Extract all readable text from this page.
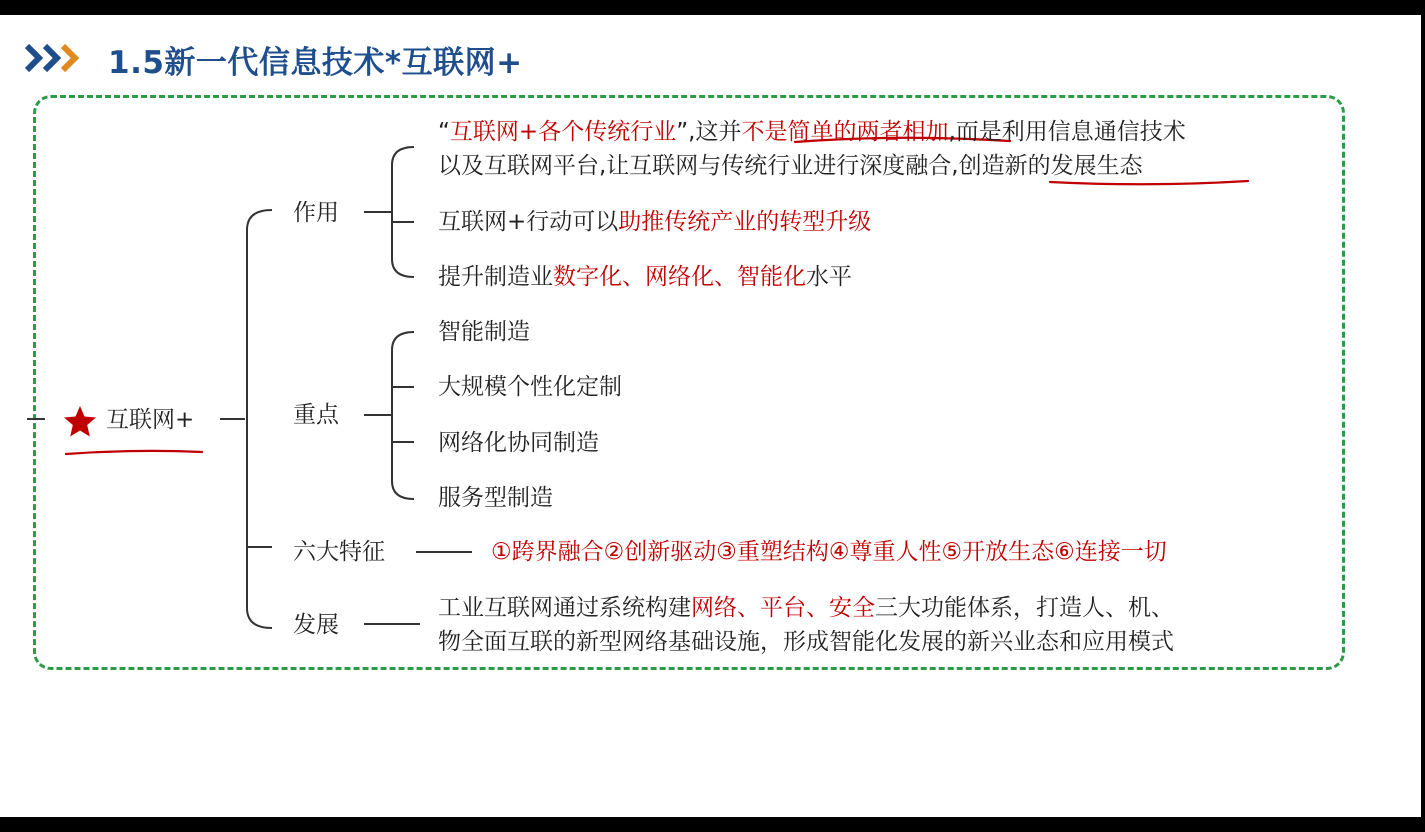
1.5新一代信息技术*互联网+
互联网+
作用
重点
六大特征
发展
“互联网+各个传统行业”,这并不是简单的两者相加,而是利用信息通信技术
以及互联网平台,让互联网与传统行业进行深度融合,创造新的发展生态
互联网+行动可以助推传统产业的转型升级
提升制造业数字化、网络化、智能化水平
智能制造
大规模个性化定制
网络化协同制造
服务型制造
①跨界融合②创新驱动③重塑结构④尊重人性⑤开放生态⑥连接一切
工业互联网通过系统构建网络、平台、安全三大功能体系，打造人、机、
物全面互联的新型网络基础设施，形成智能化发展的新兴业态和应用模式
